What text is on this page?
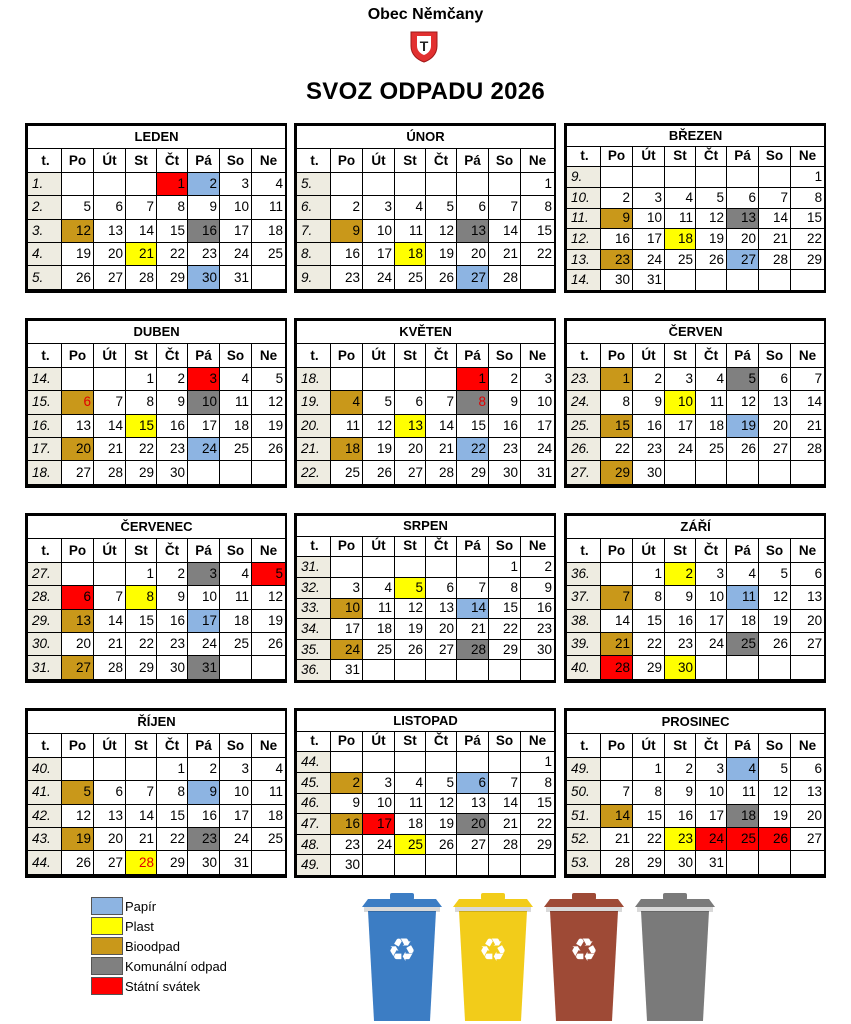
Obec Němčany
T
SVOZ ODPADU 2026
LEDEN							
t.	Po	Út	St	Čt	Pá	So	Ne
1.				1	2	3	4
2.	5	6	7	8	9	10	11
3.	12	13	14	15	16	17	18
4.	19	20	21	22	23	24	25
5.	26	27	28	29	30	31	

ÚNOR							
t.	Po	Út	St	Čt	Pá	So	Ne
5.							1
6.	2	3	4	5	6	7	8
7.	9	10	11	12	13	14	15
8.	16	17	18	19	20	21	22
9.	23	24	25	26	27	28	

BŘEZEN							
t.	Po	Út	St	Čt	Pá	So	Ne
9.							1
10.	2	3	4	5	6	7	8
11.	9	10	11	12	13	14	15
12.	16	17	18	19	20	21	22
13.	23	24	25	26	27	28	29
14.	30	31					
DUBEN							
t.	Po	Út	St	Čt	Pá	So	Ne
14.			1	2	3	4	5
15.	6	7	8	9	10	11	12
16.	13	14	15	16	17	18	19
17.	20	21	22	23	24	25	26
18.	27	28	29	30			

KVĚTEN							
t.	Po	Út	St	Čt	Pá	So	Ne
18.					1	2	3
19.	4	5	6	7	8	9	10
20.	11	12	13	14	15	16	17
21.	18	19	20	21	22	23	24
22.	25	26	27	28	29	30	31

ČERVEN							
t.	Po	Út	St	Čt	Pá	So	Ne
23.	1	2	3	4	5	6	7
24.	8	9	10	11	12	13	14
25.	15	16	17	18	19	20	21
26.	22	23	24	25	26	27	28
27.	29	30					

ČERVENEC							
t.	Po	Út	St	Čt	Pá	So	Ne
27.			1	2	3	4	5
28.	6	7	8	9	10	11	12
29.	13	14	15	16	17	18	19
30.	20	21	22	23	24	25	26
31.	27	28	29	30	31		

SRPEN							
t.	Po	Út	St	Čt	Pá	So	Ne
31.						1	2
32.	3	4	5	6	7	8	9
33.	10	11	12	13	14	15	16
34.	17	18	19	20	21	22	23
35.	24	25	26	27	28	29	30
36.	31						
ZÁŘÍ							
t.	Po	Út	St	Čt	Pá	So	Ne
36.		1	2	3	4	5	6
37.	7	8	9	10	11	12	13
38.	14	15	16	17	18	19	20
39.	21	22	23	24	25	26	27
40.	28	29	30				

ŘÍJEN							
t.	Po	Út	St	Čt	Pá	So	Ne
40.				1	2	3	4
41.	5	6	7	8	9	10	11
42.	12	13	14	15	16	17	18
43.	19	20	21	22	23	24	25
44.	26	27	28	29	30	31	

LISTOPAD							
t.	Po	Út	St	Čt	Pá	So	Ne
44.							1
45.	2	3	4	5	6	7	8
46.	9	10	11	12	13	14	15
47.	16	17	18	19	20	21	22
48.	23	24	25	26	27	28	29
49.	30						
PROSINEC							
t.	Po	Út	St	Čt	Pá	So	Ne
49.		1	2	3	4	5	6
50.	7	8	9	10	11	12	13
51.	14	15	16	17	18	19	20
52.	21	22	23	24	25	26	27
53.	28	29	30	31			

Papír
Plast
Bioodpad
Komunální odpad
Státní svátek
♻ ♻ ♻
